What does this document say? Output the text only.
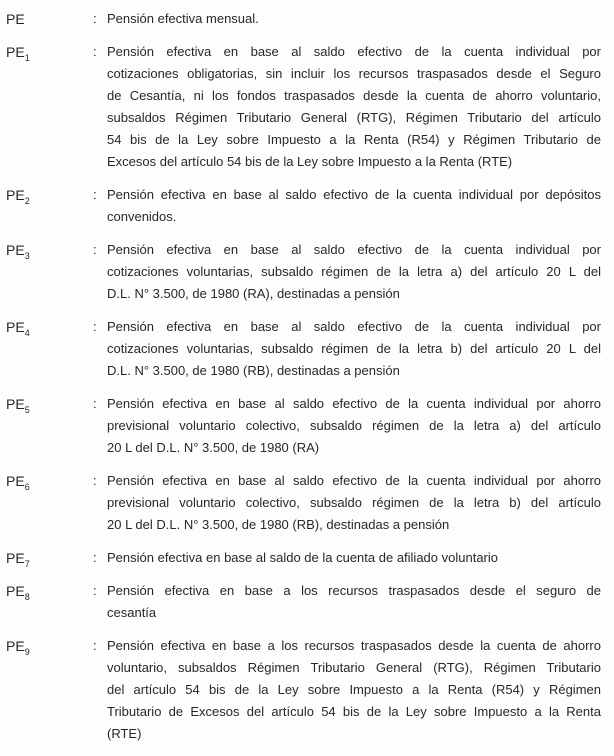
PE	: Pensión efectiva mensual.
$PE_1$	: Pensión efectiva en base al saldo efectivo de la cuenta individual por
cotizaciones obligatorias, sin incluir los recursos traspasados desde el Seguro
de Cesantía, ni los fondos traspasados desde la cuenta de ahorro voluntario,
subsaldos Régimen Tributario General (RTG), Régimen Tributario del artículo
54 bis de la Ley sobre Impuesto a la Renta (R54) y Régimen Tributario de
Excesos del artículo 54 bis de la Ley sobre Impuesto a la Renta (RTE)
$PE_2$	: Pensión efectiva en base al saldo efectivo de la cuenta individual por depósitos
convenidos.
$PE_3$	: Pensión efectiva en base al saldo efectivo de la cuenta individual por
cotizaciones voluntarias, subsaldo régimen de la letra a) del artículo 20 L del
D.L. N° 3.500, de 1980 (RA), destinadas a pensión
$PE_4$	: Pensión efectiva en base al saldo efectivo de la cuenta individual por
cotizaciones voluntarias, subsaldo régimen de la letra b) del artículo 20 L del
D.L. N° 3.500, de 1980 (RB), destinadas a pensión
$PE_5$	: Pensión efectiva en base al saldo efectivo de la cuenta individual por ahorro
previsional voluntario colectivo, subsaldo régimen de la letra a) del artículo
20 L del D.L. N° 3.500, de 1980 (RA)
$PE_6$	: Pensión efectiva en base al saldo efectivo de la cuenta individual por ahorro
previsional voluntario colectivo, subsaldo régimen de la letra b) del artículo
20 L del D.L. N° 3.500, de 1980 (RB), destinadas a pensión
$PE_7$	: Pensión efectiva en base al saldo de la cuenta de afiliado voluntario
$PE_8$	: Pensión efectiva en base a los recursos traspasados desde el seguro de
cesantía
$PE_9$	: Pensión efectiva en base a los recursos traspasados desde la cuenta de ahorro
voluntario, subsaldos Régimen Tributario General (RTG), Régimen Tributario
del artículo 54 bis de la Ley sobre Impuesto a la Renta (R54) y Régimen
Tributario de Excesos del artículo 54 bis de la Ley sobre Impuesto a la Renta
(RTE)
